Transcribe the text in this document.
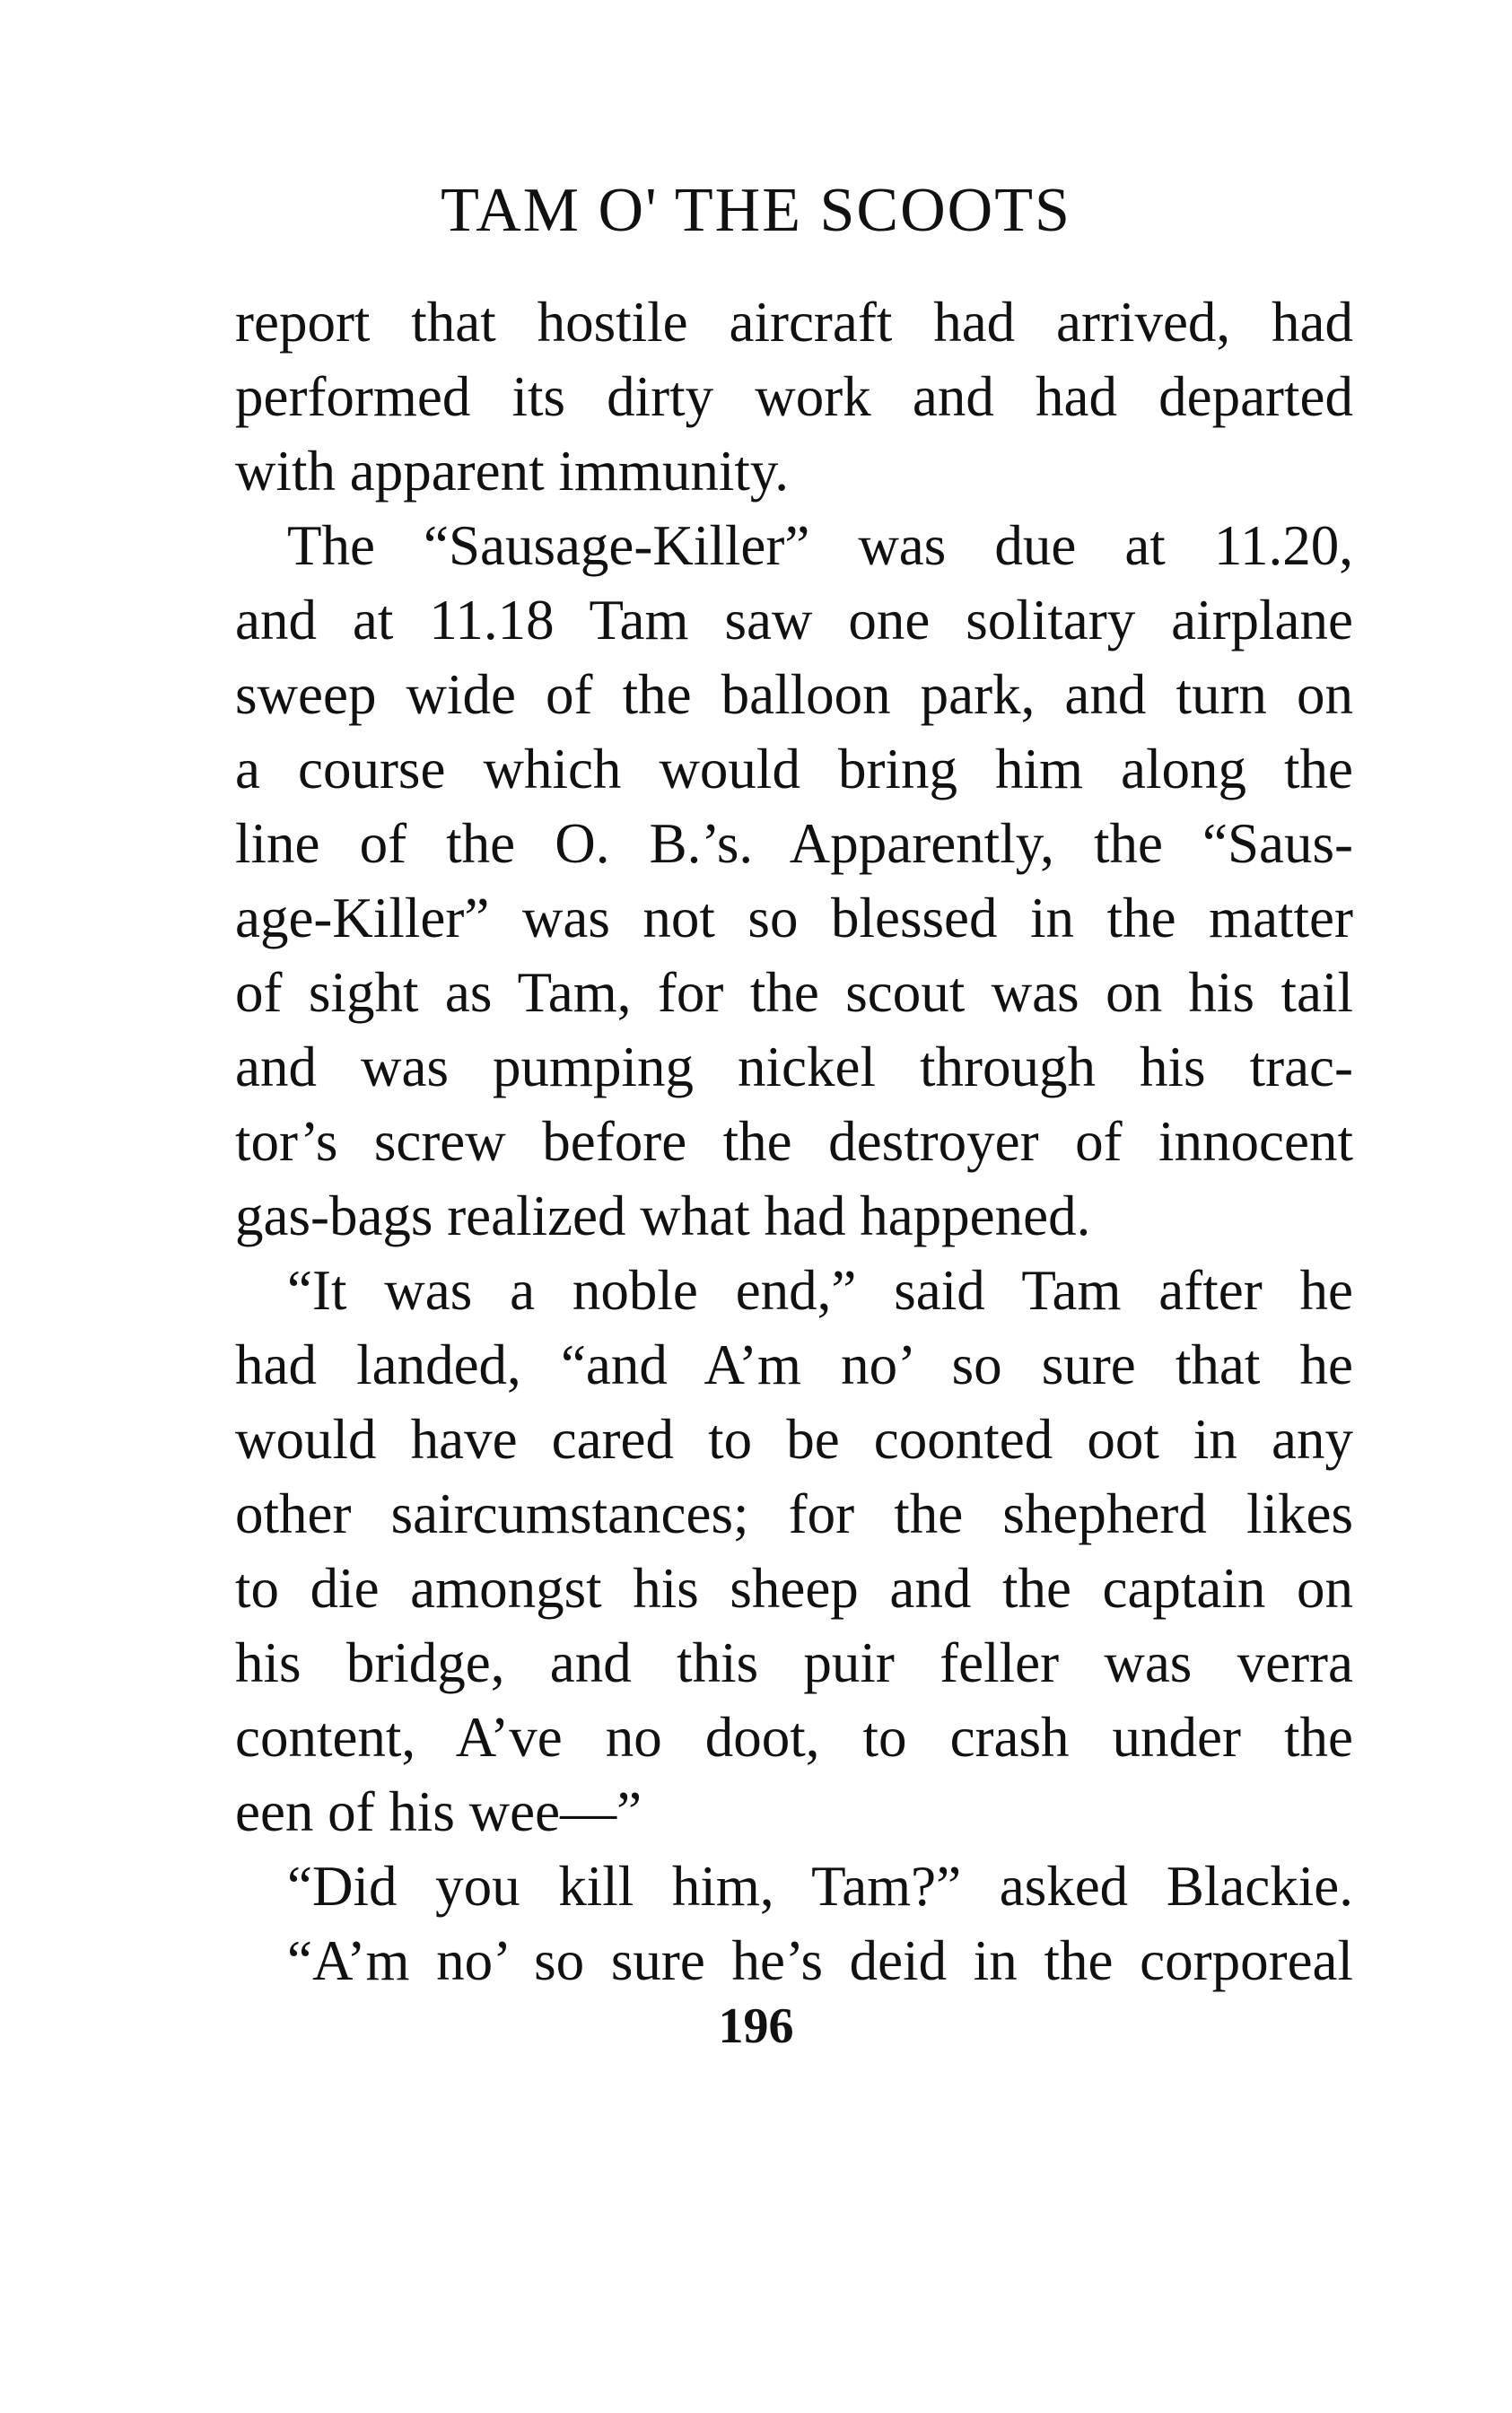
TAM O' THE SCOOTS
report that hostile aircraft had arrived, had
performed its dirty work and had departed
with apparent immunity.
The “Sausage-Killer” was due at 11.20,
and at 11.18 Tam saw one solitary airplane
sweep wide of the balloon park, and turn on
a course which would bring him along the
line of the O. B.’s. Apparently, the “Saus-
age-Killer” was not so blessed in the matter
of sight as Tam, for the scout was on his tail
and was pumping nickel through his trac-
tor’s screw before the destroyer of innocent
gas-bags realized what had happened.
“It was a noble end,” said Tam after he
had landed, “and A’m no’ so sure that he
would have cared to be coonted oot in any
other saircumstances; for the shepherd likes
to die amongst his sheep and the captain on
his bridge, and this puir feller was verra
content, A’ve no doot, to crash under the
een of his wee—”
“Did you kill him, Tam?” asked Blackie.
“A’m no’ so sure he’s deid in the corporeal
196
